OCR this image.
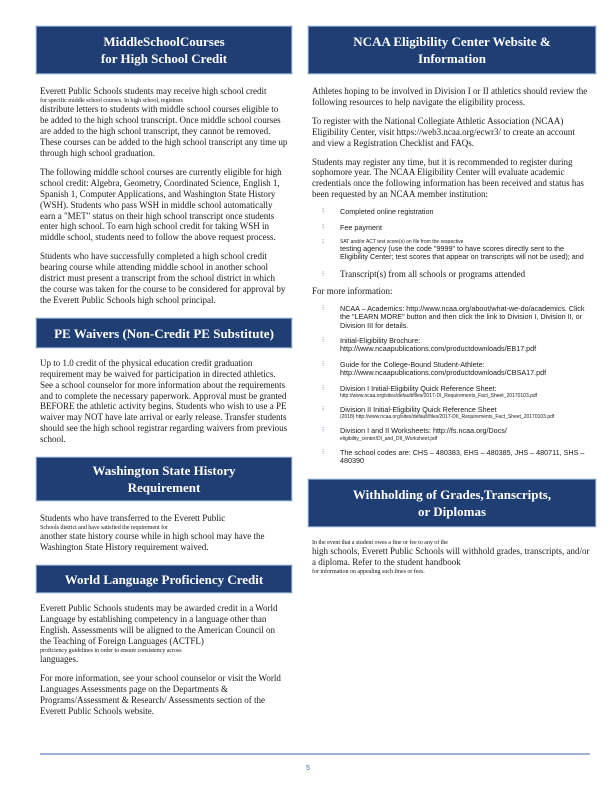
MiddleSchoolCourses
for High School Credit

Everett Public Schools students may receive high school credit
for specific middle school courses. In high school, registrars
distribute letters to students with middle school courses eligible to be added to the high school transcript. Once middle school courses are added to the high school transcript, they cannot be removed. These courses can be added to the high school transcript any time up through high school graduation.

The following middle school courses are currently eligible for high school credit: Algebra, Geometry, Coordinated Science, English 1, Spanish 1, Computer Applications, and Washington State History (WSH). Students who pass WSH in middle school automatically earn a "MET" status on their high school transcript once students enter high school. To earn high school credit for taking WSH in middle school, students need to follow the above request process.

Students who have successfully completed a high school credit bearing course while attending middle school in another school district must present a transcript from the school district in which the course was taken for the course to be considered for approval by the Everett Public Schools high school principal.

PE Waivers (Non-Credit PE Substitute)

Up to 1.0 credit of the physical education credit graduation requirement may be waived for participation in directed athletics. See a school counselor for more information about the requirements and to complete the necessary paperwork. Approval must be granted BEFORE the athletic activity begins. Students who wish to use a PE waiver may NOT have late arrival or early release. Transfer students should see the high school registrar regarding waivers from previous school.

Washington State History
Requirement

Students who have transferred to the Everett Public
Schools district and have satisfied the requirement for
another state history course while in high school may have the Washington State History requirement waived.

World Language Proficiency Credit

Everett Public Schools students may be awarded credit in a World Language by establishing competency in a language other than English. Assessments will be aligned to the American Council on the Teaching of Foreign Languages (ACTFL)
proficiency guidelines in order to ensure consistency across
languages.

For more information, see your school counselor or visit the World Languages Assessments page on the Departments & Programs/Assessment & Research/ Assessments section of the Everett Public Schools website.

NCAA Eligibility Center Website &
Information

Athletes hoping to be involved in Division I or II athletics should review the following resources to help navigate the eligibility process.

To register with the National Collegiate Athletic Association (NCAA) Eligibility Center, visit https://web3.ncaa.org/ecwr3/ to create an account and view a Registration Checklist and FAQs.

Students may register any time, but it is recommended to register during sophomore year. The NCAA Eligibility Center will evaluate academic credentials once the following information has been received and status has been requested by an NCAA member institution:

⁝ Completed online registration
⁝ Fee payment
⁝	SAT and/or ACT test score(s) on file from the respective
testing agency (use the code "9999" to have scores directly sent to the Eligibility Center; test scores that appear on transcripts will not be used); and
⁝ Transcript(s) from all schools or programs attended

For more information:

⁝ NCAA – Academics: http://www.ncaa.org/about/what-we-do/academics. Click the "LEARN MORE" button and then click the link to Division I, Division II, or Division III for details.
⁝ Initial-Eligibility Brochure: http://www.ncaapublications.com/productdownloads/EB17.pdf
⁝ Guide for the College-Bound Student-Athlete: http://www.ncaapublications.com/productdownloads/CBSA17.pdf
⁝ Division I Initial-Eligibility Quick Reference Sheet:
http://www.ncaa.org/sites/default/files/2017-DI_Requirements_Fact_Sheet_20170103.pdf
⁝ Division II Initial-Eligibility Quick Reference Sheet
(2018) http://www.ncaa.org/sites/default/files/2017-DII_Requirements_Fact_Sheet_20170103.pdf
⁝ Division I and II Worksheets: http://fs.ncaa.org/Docs/
eligibility_center/DI_and_DII_Worksheet.pdf
⁝ The school codes are: CHS – 480383, EHS – 480385, JHS – 480711, SHS – 480390
Withholding of Grades,Transcripts,
or Diplomas

In the event that a student owes a fine or fee to any of the
high schools, Everett Public Schools will withhold grades, transcripts, and/or a diploma. Refer to the student handbook
for information on appealing such fines or fees.

5
